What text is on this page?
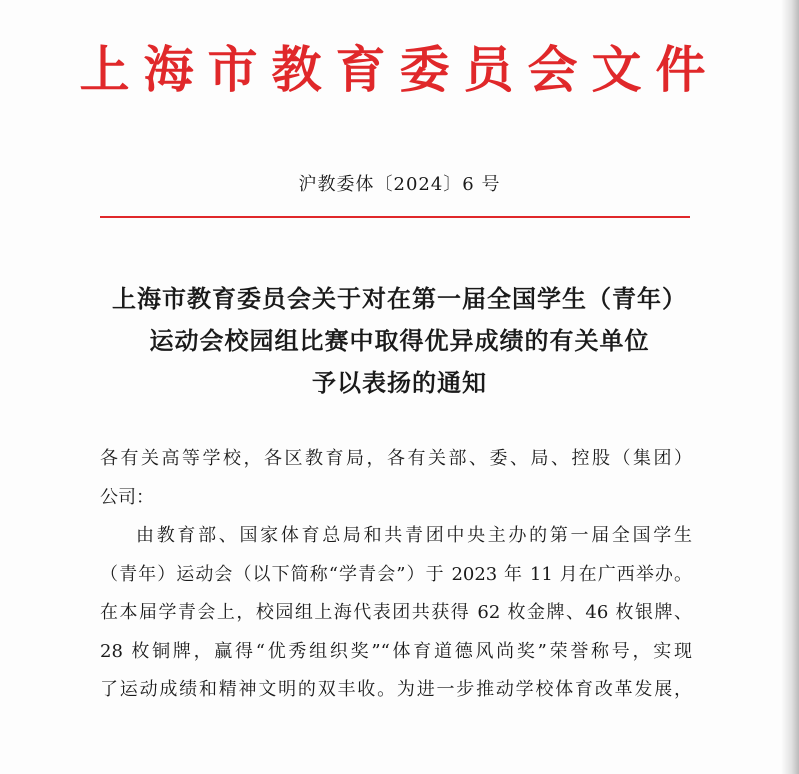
上海市教育委员会文件
沪教委体〔2024〕6 号
上海市教育委员会关于对在第一届全国学生（青年）
运动会校园组比赛中取得优异成绩的有关单位
予以表扬的通知
各有关高等学校，各区教育局，各有关部、委、局、控股（集团）
公司：
由教育部、国家体育总局和共青团中央主办的第一届全国学生
（青年）运动会（以下简称“学青会”）于 2023 年 11 月在广西举办。
在本届学青会上，校园组上海代表团共获得 62 枚金牌、46 枚银牌、
28 枚铜牌，赢得“优秀组织奖”“体育道德风尚奖”荣誉称号，实现
了运动成绩和精神文明的双丰收。为进一步推动学校体育改革发展，
